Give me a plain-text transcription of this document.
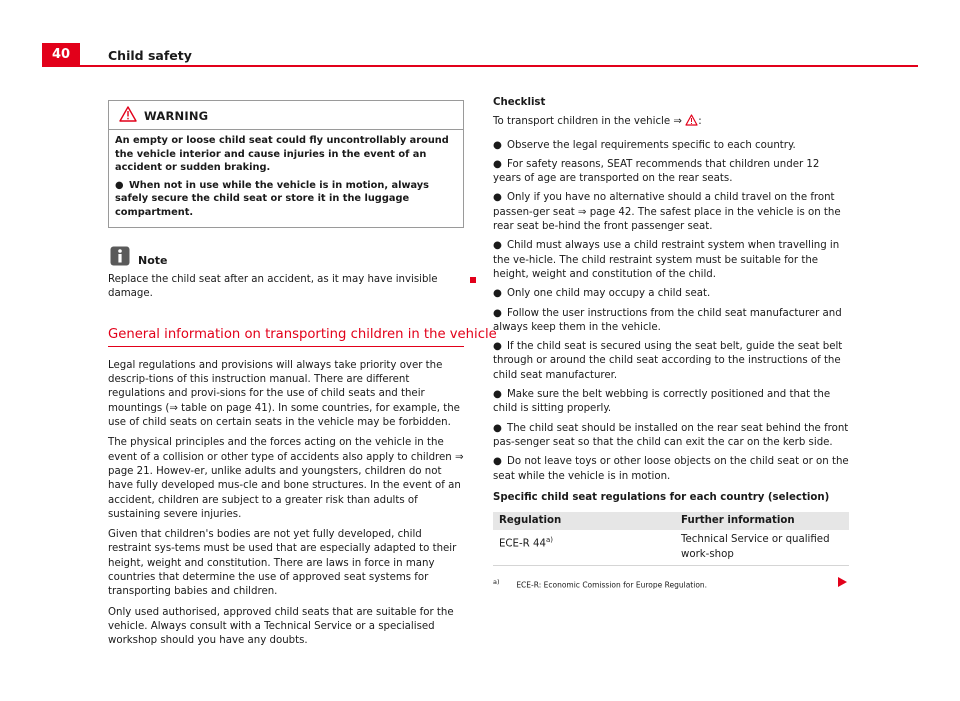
40	Child safety
WARNING

An empty or loose child seat could fly uncontrollably around the vehicle interior and cause injuries in the event of an accident or sudden braking.

● When not in use while the vehicle is in motion, always safely secure the child seat or store it in the luggage compartment.

Note
Replace the child seat after an accident, as it may have invisible damage.
General information on transporting children in the vehicle

Legal regulations and provisions will always take priority over the descrip-tions of this instruction manual. There are different regulations and provi-sions for the use of child seats and their mountings (⇒ table on page 41). In some countries, for example, the use of child seats on certain seats in the vehicle may be forbidden.

The physical principles and the forces acting on the vehicle in the event of a collision or other type of accidents also apply to children ⇒ page 21. Howev-er, unlike adults and youngsters, children do not have fully developed mus-cle and bone structures. In the event of an accident, children are subject to a greater risk than adults of sustaining severe injuries.

Given that children's bodies are not yet fully developed, child restraint sys-tems must be used that are especially adapted to their height, weight and constitution. There are laws in force in many countries that determine the use of approved seat systems for transporting babies and children.

Only used authorised, approved child seats that are suitable for the vehicle. Always consult with a Technical Service or a specialised workshop should you have any doubts.

Checklist

To transport children in the vehicle ⇒ :

● Observe the legal requirements specific to each country.

● For safety reasons, SEAT recommends that children under 12 years of age are transported on the rear seats.

● Only if you have no alternative should a child travel on the front passen-ger seat ⇒ page 42. The safest place in the vehicle is on the rear seat be-hind the front passenger seat.

● Child must always use a child restraint system when travelling in the ve-hicle. The child restraint system must be suitable for the height, weight and constitution of the child.

● Only one child may occupy a child seat.

● Follow the user instructions from the child seat manufacturer and always keep them in the vehicle.

● If the child seat is secured using the seat belt, guide the seat belt through or around the child seat according to the instructions of the child seat manufacturer.

● Make sure the belt webbing is correctly positioned and that the child is sitting properly.

● The child seat should be installed on the rear seat behind the front pas-senger seat so that the child can exit the car on the kerb side.

● Do not leave toys or other loose objects on the child seat or on the seat while the vehicle is in motion.

Specific child seat regulations for each country (selection)
Regulation	Further information
ECE-R 44$^{a)}$	Technical Service or qualified work-shop
$^{a)}$ ECE-R: Economic Comission for Europe Regulation.
